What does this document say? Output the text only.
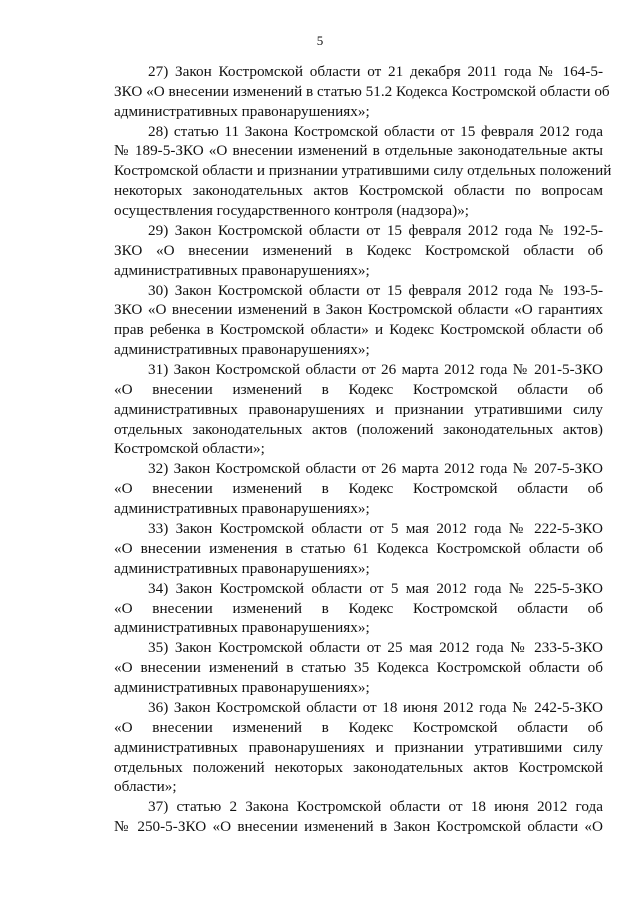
5
27) Закон Костромской области от 21 декабря 2011 года № 164-5-
ЗКО «О внесении изменений в статью 51.2 Кодекса Костромской области об
административных правонарушениях»;
28) статью 11 Закона Костромской области от 15 февраля 2012 года
№ 189-5-ЗКО «О внесении изменений в отдельные законодательные акты
Костромской области и признании утратившими силу отдельных положений
некоторых законодательных актов Костромской области по вопросам
осуществления государственного контроля (надзора)»;
29) Закон Костромской области от 15 февраля 2012 года № 192-5-
ЗКО «О внесении изменений в Кодекс Костромской области об
административных правонарушениях»;
30) Закон Костромской области от 15 февраля 2012 года № 193-5-
ЗКО «О внесении изменений в Закон Костромской области «О гарантиях
прав ребенка в Костромской области» и Кодекс Костромской области об
административных правонарушениях»;
31) Закон Костромской области от 26 марта 2012 года № 201-5-ЗКО
«О внесении изменений в Кодекс Костромской области об
административных правонарушениях и признании утратившими силу
отдельных законодательных актов (положений законодательных актов)
Костромской области»;
32) Закон Костромской области от 26 марта 2012 года № 207-5-ЗКО
«О внесении изменений в Кодекс Костромской области об
административных правонарушениях»;
33) Закон Костромской области от 5 мая 2012 года № 222-5-ЗКО
«О внесении изменения в статью 61 Кодекса Костромской области об
административных правонарушениях»;
34) Закон Костромской области от 5 мая 2012 года № 225-5-ЗКО
«О внесении изменений в Кодекс Костромской области об
административных правонарушениях»;
35) Закон Костромской области от 25 мая 2012 года № 233-5-ЗКО
«О внесении изменений в статью 35 Кодекса Костромской области об
административных правонарушениях»;
36) Закон Костромской области от 18 июня 2012 года № 242-5-ЗКО
«О внесении изменений в Кодекс Костромской области об
административных правонарушениях и признании утратившими силу
отдельных положений некоторых законодательных актов Костромской
области»;
37) статью 2 Закона Костромской области от 18 июня 2012 года
№ 250-5-ЗКО «О внесении изменений в Закон Костромской области «О
